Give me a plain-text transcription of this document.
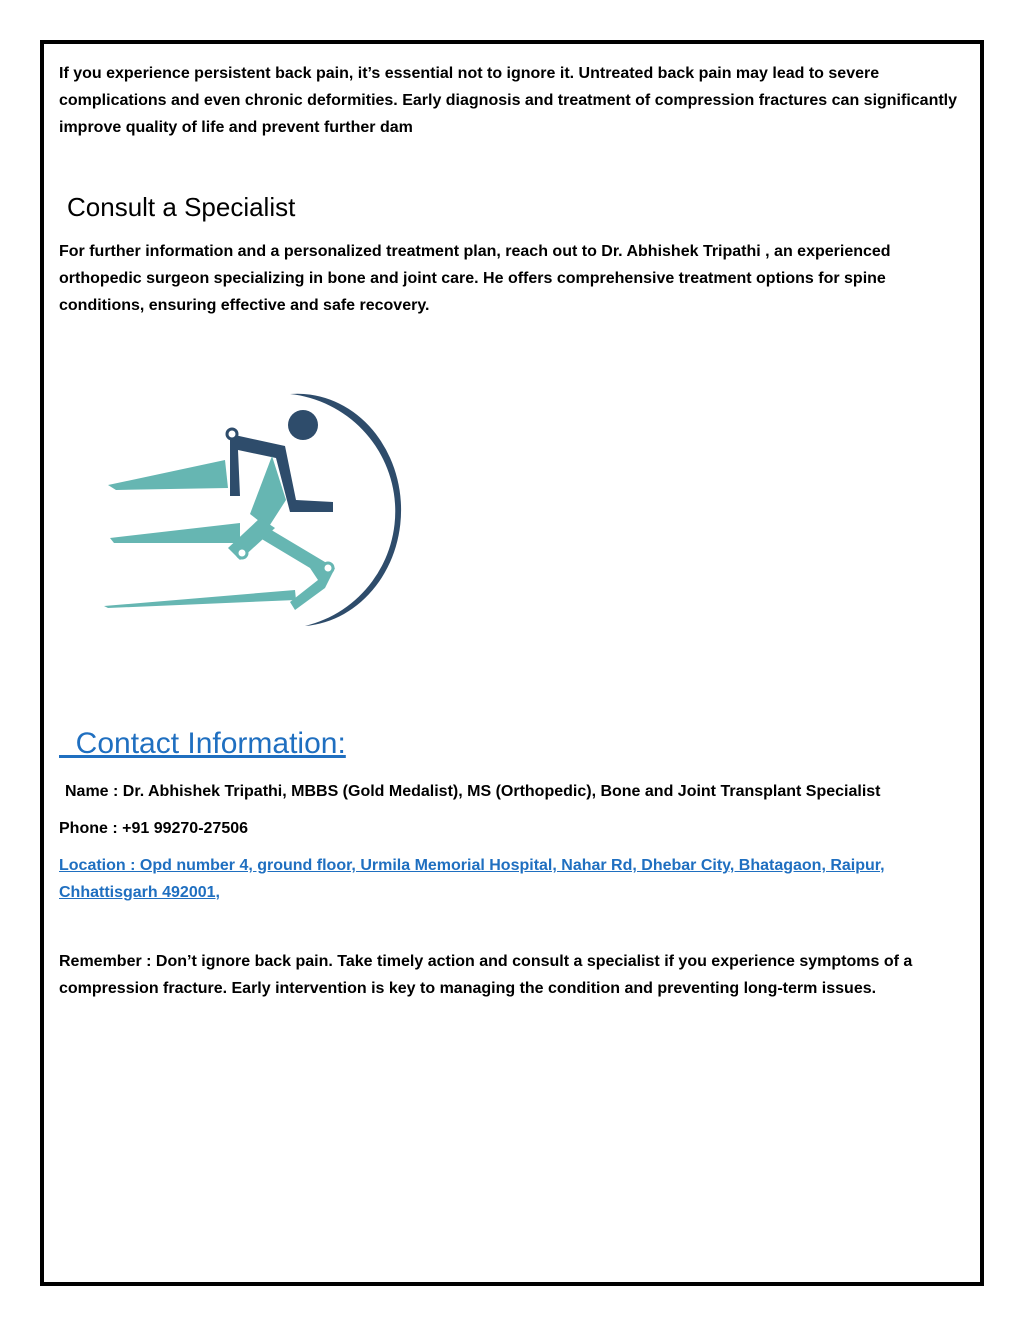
If you experience persistent back pain, it’s essential not to ignore it. Untreated back pain may lead to severe complications and even chronic deformities. Early diagnosis and treatment of compression fractures can significantly improve quality of life and prevent further dam

Consult a Specialist

For further information and a personalized treatment plan, reach out to Dr. Abhishek Tripathi , an experienced orthopedic surgeon specializing in bone and joint care. He offers comprehensive treatment options for spine conditions, ensuring effective and safe recovery.

Contact Information:

Name : Dr. Abhishek Tripathi, MBBS (Gold Medalist), MS (Orthopedic), Bone and Joint Transplant Specialist

Phone : +91 99270-27506

Location : Opd number 4, ground floor, Urmila Memorial Hospital, Nahar Rd, Dhebar City, Bhatagaon, Raipur, Chhattisgarh 492001,

Remember : Don’t ignore back pain. Take timely action and consult a specialist if you experience symptoms of a compression fracture. Early intervention is key to managing the condition and preventing long-term issues.
